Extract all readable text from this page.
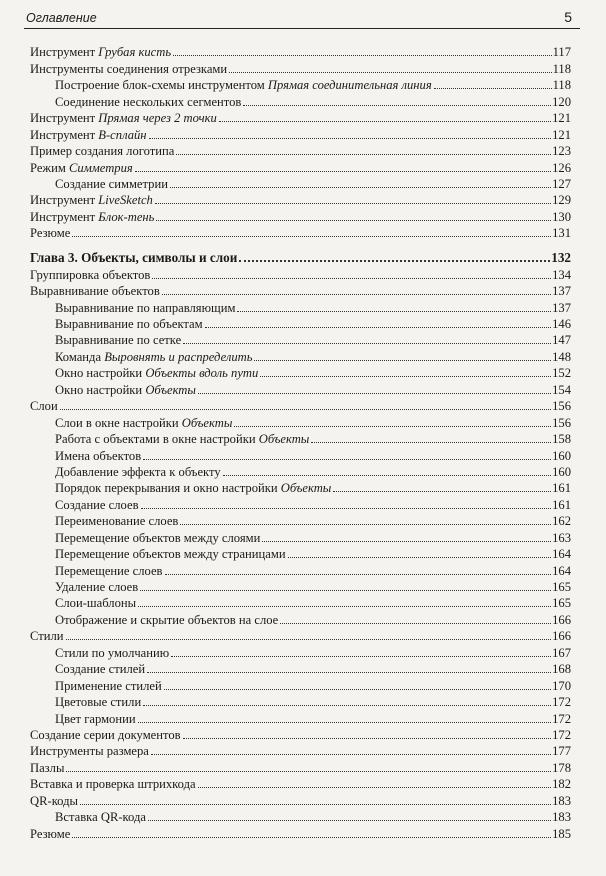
Оглавление	5
Инструмент Грубая кисть	117
Инструменты соединения отрезками	118
Построение блок-схемы инструментом Прямая соединительная линия	118
Соединение нескольких сегментов	120
Инструмент Прямая через 2 точки	121
Инструмент B-сплайн	121
Пример создания логотипа	123
Режим Симметрия	126
Создание симметрии	127
Инструмент LiveSketch	129
Инструмент Блок-тень	130
Резюме	131
Глава 3. Объекты, символы и слои	132
Группировка объектов	134
Выравнивание объектов	137
Выравнивание по направляющим	137
Выравнивание по объектам	146
Выравнивание по сетке	147
Команда Выровнять и распределить	148
Окно настройки Объекты вдоль пути	152
Окно настройки Объекты	154
Слои	156
Слои в окне настройки Объекты	156
Работа с объектами в окне настройки Объекты	158
Имена объектов	160
Добавление эффекта к объекту	160
Порядок перекрывания и окно настройки Объекты	161
Создание слоев	161
Переименование слоев	162
Перемещение объектов между слоями	163
Перемещение объектов между страницами	164
Перемещение слоев	164
Удаление слоев	165
Слои-шаблоны	165
Отображение и скрытие объектов на слое	166
Стили	166
Стили по умолчанию	167
Создание стилей	168
Применение стилей	170
Цветовые стили	172
Цвет гармонии	172
Создание серии документов	172
Инструменты размера	177
Пазлы	178
Вставка и проверка штрихкода	182
QR-коды	183
Вставка QR-кода	183
Резюме	185
